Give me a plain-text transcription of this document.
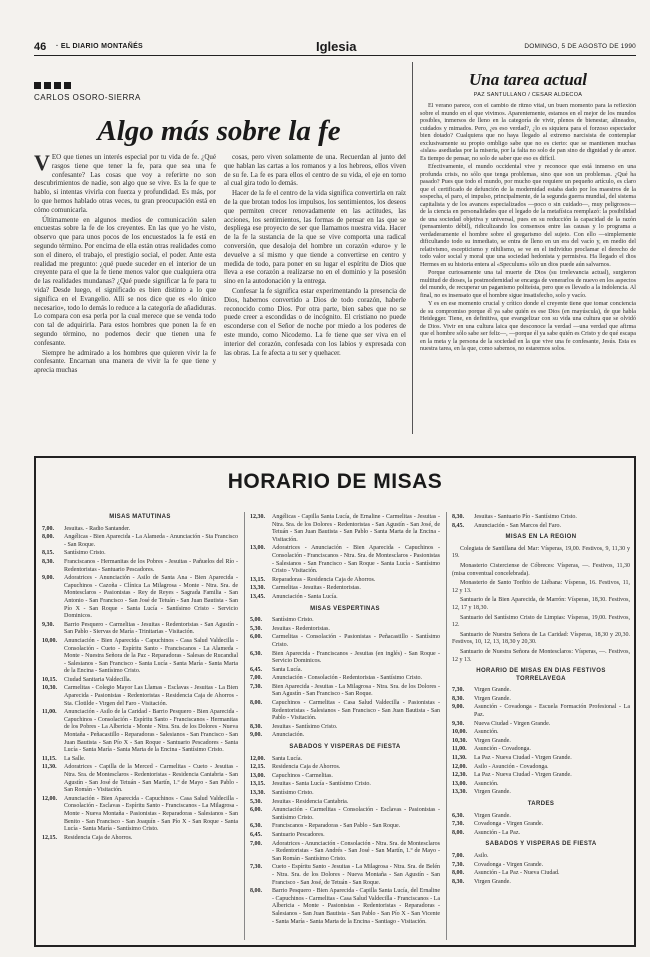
46 · EL DIARIO MONTAÑÉS	Iglesia	DOMINGO, 5 DE AGOSTO DE 1990
CARLOS OSORO-SIERRA
Algo más sobre la fe

VEO que tienes un interés especial por tu vida de fe. ¿Qué rasgos tiene que tener la fe, para que sea una fe confesante? Las cosas que voy a referirte no son descubrimientos de nadie, son algo que se vive. Es la fe que te hablo, si intentas vivirla con fuerza y profundidad. Es más, por lo que hemos hablado otras veces, tu gran preocupación está en cómo comunicarla.

Últimamente en algunos medios de comunicación salen encuestas sobre la fe de los creyentes. En las que yo he visto, observo que para unos pocos de los encuestados la fe está en segundo término. Por encima de ella están otras realidades como son el dinero, el trabajo, el prestigio social, el poder. Ante esta realidad me pregunto: ¿qué puede suceder en el interior de un creyente para el que la fe tiene menos valor que cualquiera otra de las realidades mundanas? ¿Qué puede significar la fe para tu vida? Desde luego, el significado es bien distinto a lo que significa en el Evangelio. Allí se nos dice que es «lo único necesario», todo lo demás lo reduce a la categoría de añadiduras. Lo compara con esa perla por la cual merece que se venda todo con tal de adquirirla. Para estos hombres que ponen la fe en segundo término, no podemos decir que tienen una fe confesante.

Siempre he admirado a los hombres que quieren vivir la fe confesante. Encarnan una manera de vivir la fe que tiene y aprecia muchas

cosas, pero viven solamente de una. Recuerdan al junto del que hablan las cartas a los romanos y a los hebreos, ellos viven de su fe. La fe es para ellos el centro de su vida, el eje en torno al cual gira todo lo demás.

Hacer de la fe el centro de la vida significa convertirla en raíz de la que brotan todos los impulsos, los sentimientos, los deseos que permiten crecer renovadamente en las actitudes, las acciones, los sentimientos, las formas de pensar en las que se despliega ese proyecto de ser que llamamos nuestra vida. Hacer de la fe la sustancia de la que se vive comporta una radical conversión, que desaloja del hombre un corazón «duro» y le devuelve a sí mismo y que tiende a convertirse en centro y medida de todo, para poner en su lugar el espíritu de Dios que lleva a ese corazón a realizarse no en el dominio y la posesión sino en la autodonación y la entrega.

Confesar la fe significa estar experimentando la presencia de Dios, habernos convertido a Dios de todo corazón, haberle reconocido como Dios. Por otra parte, bien sabes que no se puede creer a escondidas o de incógnito. El cristiano no puede esconderse con el Señor de noche por miedo a los poderes de este mundo, como Nicodemo. La fe tiene que ser viva en el interior del corazón, confesada con los labios y expresada con las obras. La fe afecta a tu ser y quehacer.

Una tarea actual
PAZ SANTULLANO / CESAR ALDECOA

El verano parece, con el cambio de ritmo vital, un buen momento para la reflexión sobre el mundo en el que vivimos. Aparentemente, estamos en el mejor de los mundos posibles, inmersos de lleno en la categoría de vivir, plenos de bienestar, alineados, cuidados y mimados. Pero, ¿es eso verdad?, ¿lo es siquiera para el forzoso espectador bien dotado? Cualquiera que no haya llegado al extremo narcisista de contemplar exclusivamente su propio ombligo sabe que no es cierto: que se mantienen muchas «islas» asediadas por la miseria, por la falta no solo de pan sino de dignidad y de amor. Es tiempo de pensar, no solo de saber que eso es difícil.

Efectivamente, el mundo occidental vive y reconoce que está inmerso en una profunda crisis, no sólo que tenga problemas, sino que son un problemas. ¿Qué ha pasado? Pues que todo el mundo, por mucho que requiere un pequeño artículo, es claro que el certificado de defunción de la modernidad estaba dado por los maestros de la sospecha, el paro, el impulso, principalmente, de la segunda guerra mundial, del sistema capitalista y de los avances especializados —poco o sin cuidado—, muy peligrosos— de la ciencia en personalidades que el legado de la metafísica reemplazó: la posibilidad de una sociedad objetiva y universal, pues en su reducción la capacidad de la razón (pensamiento débil), ridiculizando los consensos entre las causas y lo programa a verdaderamente el hombre sobre el gregarismo del sujeto. Con ello —simplemente dificultando todo su inmediato, se entra de lleno en un era del vacío y, en medio del relativismo, escepticismo y nihilismo, se ve en el individuo proclamar el derecho de todo valor social y moral que una sociedad hedonista y permisiva. Ha llegado el dios Hermes en su historia entera al «Speculum» sólo un dios puede aún salvarnos.

Porque curiosamente una tal muerte de Dios (su irrelevancia actual), surgieron multitud de dioses, la postmodernidad se encarga de venerarlos de nuevo en los aspectos del mundo, de recuperar un paganismo politeísta, pero que es llevado a la indolencia. Al final, no es insensato que el hombre sigue insatisfecho, solo y vacío.

Y es en ese momento crucial y crítico donde el creyente tiene que tomar conciencia de su compromiso porque él ya sabe quién es ese Dios (en mayúscula), de que habla Heidegger. Tiene, en definitiva, que evangelizar con su vida una cultura que se olvidó de Dios. Vivir en una cultura laica que desconoce la verdad —una verdad que afirma que el hombre sólo sabe ser feliz—, —porque él ya sabe quién es Cristo y de qué escapa en la meta y la persona de la sociedad en la que vive una fe confesante, Jesús. Esta es nuestra tarea, en la que, como sabemos, no estaremos solos.

HORARIO DE MISAS
MISAS MATUTINAS
7,00.	Jesuitas. - Radio Santander.
8,00.	Angélicas - Bien Aparecida - La Alameda - Anunciación - Sta Francisco - San Roque.
8,15.	Santísimo Cristo.
8,30.	Franciscanos - Hermanitas de los Pobres - Jesuitas - Pañuelos del Río - Redentoristas - Santuario Pescadores.
9,00.	Adoratrices - Anunciación - Asilo de Santa Ana - Bien Aparecida - Capuchinos - Cazoña - Clínica La Milagrosa - Monte - Ntra. Sra. de Montesclaros - Pasionistas - Rey de Reyes - Sagrada Familia - San Antonio - San Francisco - San José de Tetuán - San Juan Bautista - San Pío X - San Roque - Santa Lucía - Santísimo Cristo - Servicio Dominicos.
9,30.	Barrio Pesquero - Carmelitas - Jesuitas - Redentoristas - San Agustín - San Pablo - Siervas de María - Trinitarias - Visitación.
10,00.	Anunciación - Bien Aparecida - Capuchinos - Casa Salud Valdecilla - Consolación - Cueto - Espíritu Santo - Franciscanos - La Alameda - Monte - Nuestra Señora de la Paz - Reparadoras - Salesas de Rucandial - Salesianos - San Francisco - Santa Lucía - Santa María - Santa Marta de la Encina - Santísimo Cristo.
10,15.	Ciudad Sanitaria Valdecilla.
10,30.	Carmelitas - Colegio Mayor Las Llamas - Esclavas - Jesuitas - La Bien Aparecida - Pasionistas - Redentoristas - Residencia Caja de Ahorros - Sta. Clotilde - Virgen del Faro - Visitación.
11,00.	Anunciación - Asilo de la Caridad - Barrio Pesquero - Bien Aparecida - Capuchinos - Consolación - Espíritu Santo - Franciscanos - Hermanitas de los Pobres - La Albericia - Monte - Ntra. Sra. de los Dolores - Nueva Montaña - Peñacastillo - Reparadoras - Salesianos - San Francisco - San Juan Bautista - San Pío X - San Roque - Santuario Pescadores - Santa Lucía - Santa María - Santa Marta de la Encina - Santísimo Cristo.
11,15.	La Salle.
11,30.	Adoratrices - Capilla de la Merced - Carmelitas - Cueto - Jesuitas - Ntra. Sra. de Montesclaros - Redentoristas - Residencia Cantabria - San Agustín - San José de Tetuán - San Martín, 1.º de Mayo - San Pablo - San Román - Visitación.
12,00.	Anunciación - Bien Aparecida - Capuchinos - Casa Salud Valdecilla - Consolación - Esclavas - Espíritu Santo - Franciscanos - La Milagrosa - Monte - Nueva Montaña - Pasionistas - Reparadoras - Salesianos - San Benito - San Francisco - San Joaquín - San Pío X - San Roque - Santa Lucía - Santa María - Santísimo Cristo.
12,15.	Residencia Caja de Ahorros.
12,30.	Angélicas - Capilla Santa Lucía, de Ernaline - Carmelitas - Jesuitas - Ntra. Sra. de los Dolores - Redentoristas - San Agustín - San José, de Tetuán - San Juan Bautista - San Pablo - Santa Marta de la Encina - Visitación.
13,00.	Adoratrices - Anunciación - Bien Aparecida - Capuchinos - Consolación - Franciscanos - Ntra. Sra. de Montesclaros - Pasionistas - Salesianos - San Francisco - San Roque - Santa Lucía - Santísimo Cristo - Visitación.
13,15.	Reparadoras - Residencia Caja de Ahorros.
13,30.	Carmelitas - Jesuitas - Redentoristas.
13,45.	Anunciación - Santa Lucía.
MISAS VESPERTINAS
5,00.	Santísimo Cristo.
5,30.	Jesuitas - Redentoristas.
6,00.	Carmelitas - Consolación - Pasionistas - Peñacastillo - Santísimo Cristo.
6,30.	Bien Aparecida - Franciscanos - Jesuitas (en inglés) - San Roque - Servicio Dominicos.
6,45.	Santa Lucía.
7,00.	Anunciación - Consolación - Redentoristas - Santísimo Cristo.
7,30.	Bien Aparecida - Jesuitas - La Milagrosa - Ntra. Sra. de los Dolores - San Agustín - San Francisco - San Roque.
8,00.	Capuchinos - Carmelitas - Casa Salud Valdecilla - Pasionistas - Redentoristas - Salesianos - San Francisco - San Juan Bautista - San Pablo - Visitación.
8,30.	Jesuitas - Santísimo Cristo.
9,00.	Anunciación.
SABADOS Y VISPERAS DE FIESTA
12,00.	Santa Lucía.
12,15.	Residencia Caja de Ahorros.
13,00.	Capuchinos - Carmelitas.
13,15.	Jesuitas - Santa Lucía - Santísimo Cristo.
13,30.	Santísimo Cristo.
5,30.	Jesuitas - Residencia Cantabria.
6,00.	Anunciación - Carmelitas - Consolación - Esclavas - Pasionistas - Santísimo Cristo.
6,30.	Franciscanos - Reparadoras - San Pablo - San Roque.
6,45.	Santuario Pescadores.
7,00.	Adoratrices - Anunciación - Consolación - Ntra. Sra. de Montesclaros - Redentoristas - San Andrés - San José - San Martín, 1.º de Mayo - San Román - Santísimo Cristo.
7,30.	Cueto - Espíritu Santo - Jesuitas - La Milagrosa - Ntra. Sra. de Belén - Ntra. Sra. de los Dolores - Nueva Montaña - San Agustín - San Francisco - San José, de Tetuán - San Roque.
8,00.	Barrio Pesquero - Bien Aparecida - Capilla Santa Lucía, del Ernaline - Capuchinos - Carmelitas - Casa Salud Valdecilla - Franciscanos - La Albericia - Monte - Pasionistas - Redentoristas - Reparadoras - Salesianos - San Juan Bautista - San Pablo - San Pío X - San Vicente - Santa María - Santa Marta de la Encina - Santiago - Visitación.
8,30.	Jesuitas - Santuario Pío - Santísimo Cristo.
8,45.	Anunciación - San Marcos del Faro.
MISAS EN LA REGION

Colegiata de Santillana del Mar: Vísperas, 19,00. Festivos, 9, 11,30 y 19.

Monasterio Cisterciense de Cóbreces: Vísperas, —. Festivos, 11,30 (misa conventual concelebrada).

Monasterio de Santo Toribio de Liébana: Vísperas, 16. Festivos, 11, 12 y 13.

Santuario de la Bien Aparecida, de Marrón: Vísperas, 18,30. Festivos, 12, 17 y 18,30.

Santuario del Santísimo Cristo de Limpias: Vísperas, 19,00. Festivos, 12.

Santuario de Nuestra Señora de La Caridad: Vísperas, 18,30 y 20,30. Festivos, 10, 12, 13, 18,30 y 20,30.

Santuario de Nuestra Señora de Montesclaros: Vísperas, —. Festivos, 12 y 13.

HORARIO DE MISAS EN DIAS FESTIVOS TORRELAVEGA
7,30.	Virgen Grande.
8,30.	Virgen Grande.
9,00.	Asunción - Covadonga - Escuela Formación Profesional - La Paz.
9,30.	Nueva Ciudad - Virgen Grande.
10,00.	Asunción.
10,30.	Virgen Grande.
11,00.	Asunción - Covadonga.
11,30.	La Paz - Nueva Ciudad - Virgen Grande.
12,00.	Asilo - Asunción - Covadonga.
12,30.	La Paz - Nueva Ciudad - Virgen Grande.
13,00.	Asunción.
13,30.	Virgen Grande.
TARDES
6,30.	Virgen Grande.
7,30.	Covadonga - Virgen Grande.
8,00.	Asunción - La Paz.
SABADOS Y VISPERAS DE FIESTA
7,00.	Asilo.
7,30.	Covadonga - Virgen Grande.
8,00.	Asunción - La Paz - Nueva Ciudad.
8,30.	Virgen Grande.
